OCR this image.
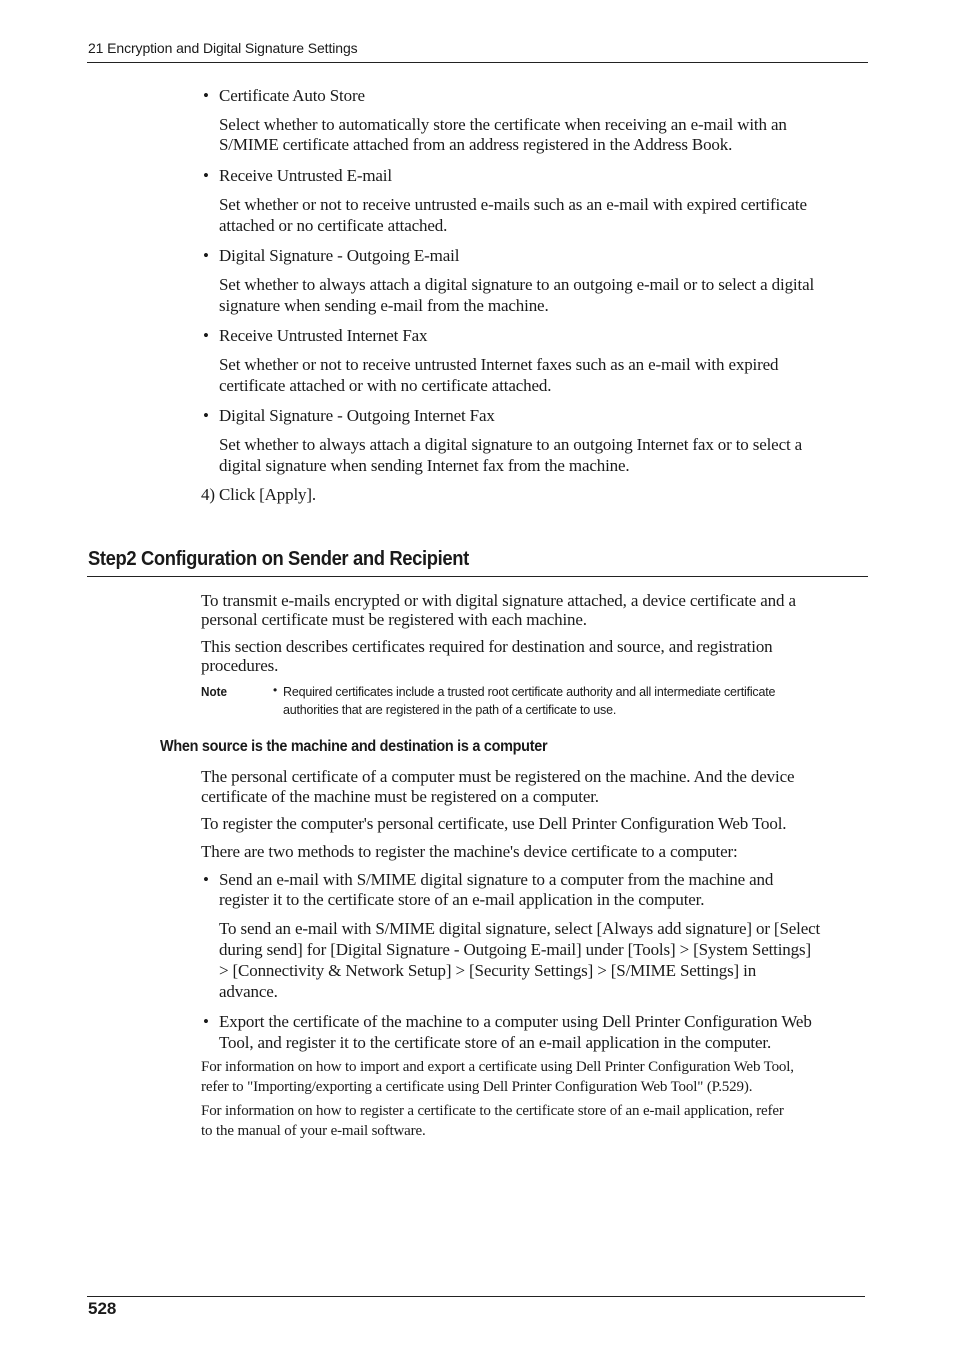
21 Encryption and Digital Signature Settings
• Certificate Auto Store
Select whether to automatically store the certificate when receiving an e-mail with an
S/MIME certificate attached from an address registered in the Address Book.
• Receive Untrusted E-mail
Set whether or not to receive untrusted e-mails such as an e-mail with expired certificate
attached or no certificate attached.
• Digital Signature - Outgoing E-mail
Set whether to always attach a digital signature to an outgoing e-mail or to select a digital
signature when sending e-mail from the machine.
• Receive Untrusted Internet Fax
Set whether or not to receive untrusted Internet faxes such as an e-mail with expired
certificate attached or with no certificate attached.
• Digital Signature - Outgoing Internet Fax
Set whether to always attach a digital signature to an outgoing Internet fax or to select a
digital signature when sending Internet fax from the machine.
4) Click [Apply].
Step2 Configuration on Sender and Recipient
To transmit e-mails encrypted or with digital signature attached, a device certificate and a
personal certificate must be registered with each machine.
This section describes certificates required for destination and source, and registration
procedures.
Note	• Required certificates include a trusted root certificate authority and all intermediate certificate
authorities that are registered in the path of a certificate to use.
When source is the machine and destination is a computer
The personal certificate of a computer must be registered on the machine. And the device
certificate of the machine must be registered on a computer.
To register the computer's personal certificate, use Dell Printer Configuration Web Tool.
There are two methods to register the machine's device certificate to a computer:
• Send an e-mail with S/MIME digital signature to a computer from the machine and
register it to the certificate store of an e-mail application in the computer.
To send an e-mail with S/MIME digital signature, select [Always add signature] or [Select
during send] for [Digital Signature - Outgoing E-mail] under [Tools] > [System Settings]
> [Connectivity & Network Setup] > [Security Settings] > [S/MIME Settings] in
advance.
• Export the certificate of the machine to a computer using Dell Printer Configuration Web
Tool, and register it to the certificate store of an e-mail application in the computer.
For information on how to import and export a certificate using Dell Printer Configuration Web Tool,
refer to "Importing/exporting a certificate using Dell Printer Configuration Web Tool" (P.529).
For information on how to register a certificate to the certificate store of an e-mail application, refer
to the manual of your e-mail software.
528
